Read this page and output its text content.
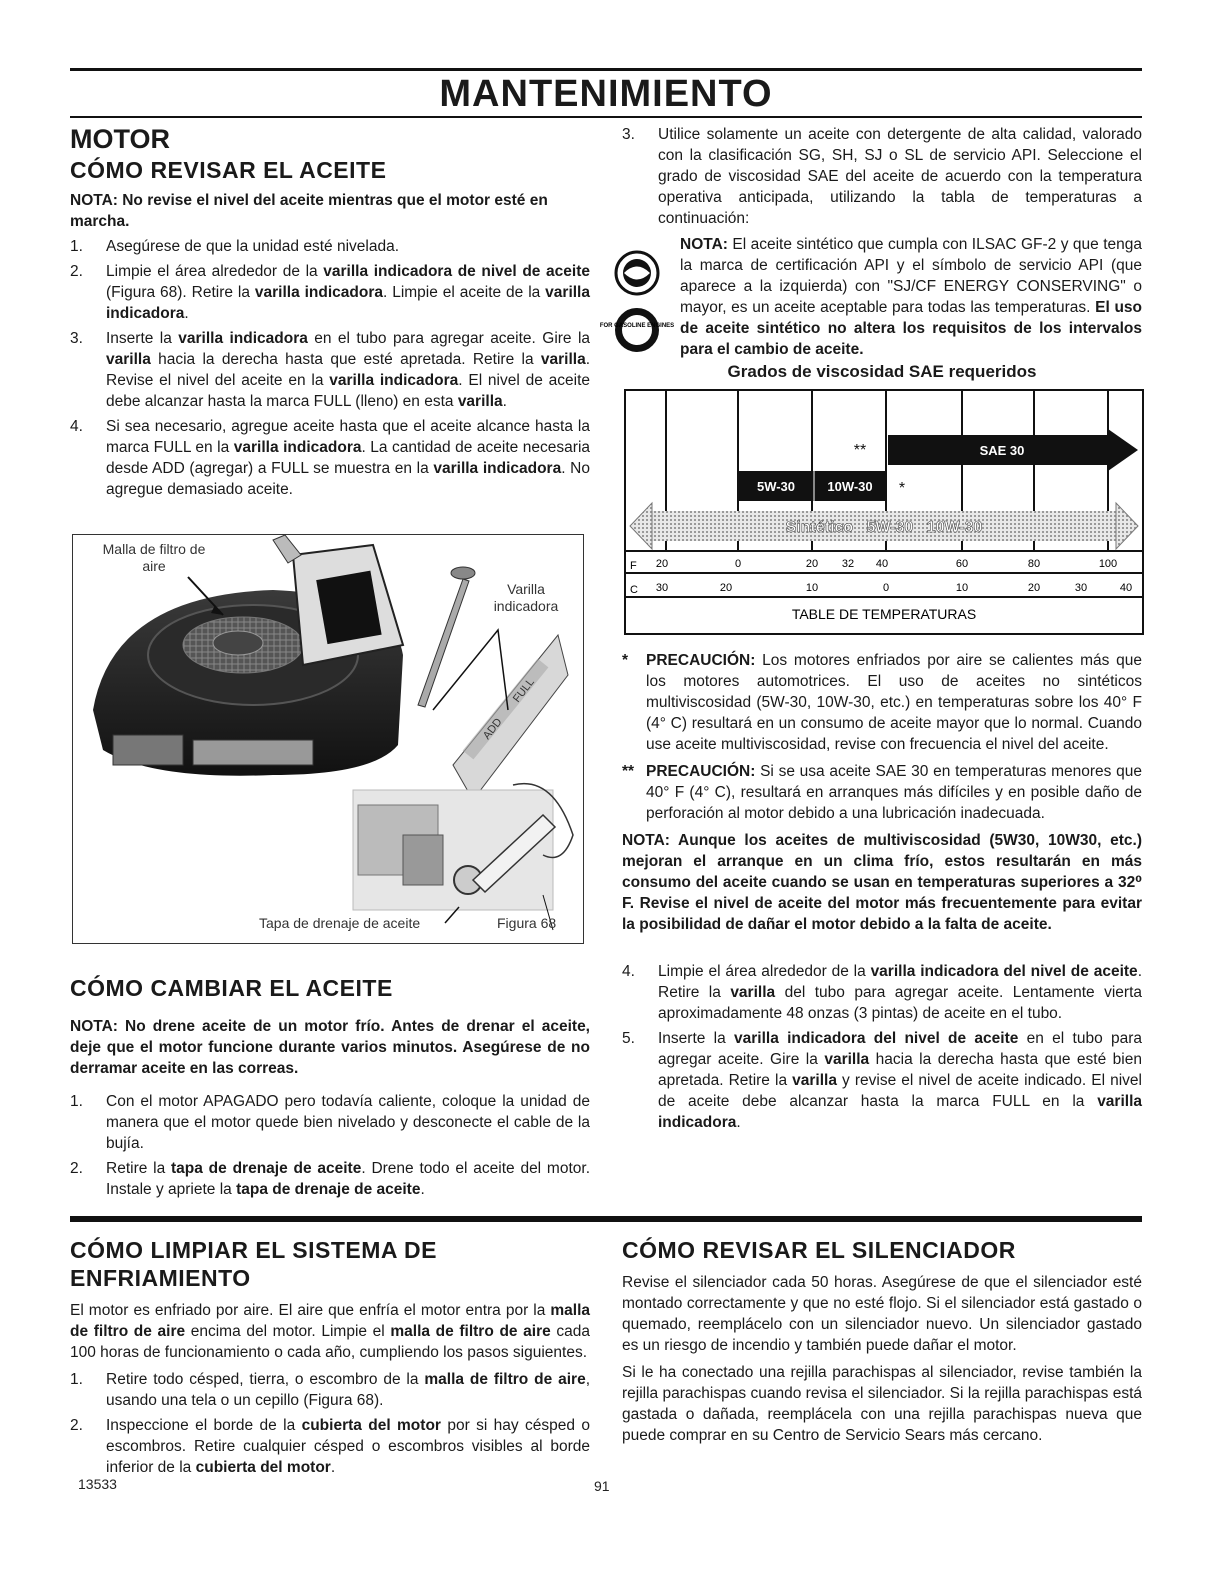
MANTENIMIENTO
MOTOR
CÓMO REVISAR EL ACEITE
NOTA: No revise el nivel del aceite mientras que el motor esté en marcha.
1. Asegúrese de que la unidad esté nivelada.
2. Limpie el área alrededor de la varilla indicadora de nivel de aceite (Figura 68). Retire la varilla indicadora. Limpie el aceite de la varilla indicadora.
3. Inserte la varilla indicadora en el tubo para agregar aceite. Gire la varilla hacia la derecha hasta que esté apretada. Retire la varilla. Revise el nivel del aceite en la varilla indicadora. El nivel de aceite debe alcanzar hasta la marca FULL (lleno) en esta varilla.
4. Si sea necesario, agregue aceite hasta que el aceite alcance hasta la marca FULL en la varilla indicadora. La cantidad de aceite necesaria desde ADD (agregar) a FULL se muestra en la varilla indicadora. No agregue demasiado aceite.
ADD
FULL
Malla de filtro de aire
Varilla indicadora
Tapa de drenaje de aceite	Figura 68
CÓMO CAMBIAR EL ACEITE
NOTA: No drene aceite de un motor frío. Antes de drenar el aceite, deje que el motor funcione durante varios minutos. Asegúrese de no derramar aceite en las correas.
1. Con el motor APAGADO pero todavía caliente, coloque la unidad de manera que el motor quede bien nivelado y desconecte el cable de la bujía.
2. Retire la tapa de drenaje de aceite. Drene todo el aceite del motor. Instale y apriete la tapa de drenaje de aceite.
3. Utilice solamente un aceite con detergente de alta calidad, valorado con la clasificación SG, SH, SJ o SL de servicio API. Seleccione el grado de viscosidad SAE del aceite de acuerdo con la temperatura operativa anticipada, utilizando la tabla de temperaturas a continuación:
FOR GASOLINE ENGINES
NOTA: El aceite sintético que cumpla con ILSAC GF-2 y que tenga la marca de certificación API y el símbolo de servicio API (que aparece a la izquierda) con "SJ/CF ENERGY CONSERVING" o mayor, es un aceite aceptable para todas las temperaturas. El uso de aceite sintético no altera los requisitos de los intervalos para el cambio de aceite.
Grados de viscosidad SAE requeridos
SAE 30
**
5W-30 10W-30 *
Sintético   5W-30   10W-30
F
C
20	0	20 32 40	60	80	100
30	20	10	0	10	20	30	40
TABLE DE TEMPERATURAS
* PRECAUCIÓN: Los motores enfriados por aire se calientes más que los motores automotrices. El uso de aceites no sintéticos multiviscosidad (5W-30, 10W-30, etc.) en temperaturas sobre los 40° F (4° C) resultará en un consumo de aceite mayor que lo normal. Cuando use aceite multiviscosidad, revise con frecuencia el nivel del aceite.
** PRECAUCIÓN: Si se usa aceite SAE 30 en temperaturas menores que 40° F (4° C), resultará en arranques más difíciles y en posible daño de perforación al motor debido a una lubricación inadecuada.
NOTA: Aunque los aceites de multiviscosidad (5W30, 10W30, etc.) mejoran el arranque en un clima frío, estos resultarán en más consumo del aceite cuando se usan en temperaturas superiores a 32⁰ F. Revise el nivel de aceite del motor más frecuentemente para evitar la posibilidad de dañar el motor debido a la falta de aceite.
4. Limpie el área alrededor de la varilla indicadora del nivel de aceite. Retire la varilla del tubo para agregar aceite. Lentamente vierta aproximadamente 48 onzas (3 pintas) de aceite en el tubo.
5. Inserte la varilla indicadora del nivel de aceite en el tubo para agregar aceite. Gire la varilla hacia la derecha hasta que esté bien apretada. Retire la varilla y revise el nivel de aceite indicado. El nivel de aceite debe alcanzar hasta la marca FULL en la varilla indicadora.
CÓMO LIMPIAR EL SISTEMA DE ENFRIAMIENTO

El motor es enfriado por aire. El aire que enfría el motor entra por la malla de filtro de aire encima del motor. Limpie el malla de filtro de aire cada 100 horas de funcionamiento o cada año, cumpliendo los pasos siguientes.

1. Retire todo césped, tierra, o escombro de la malla de filtro de aire, usando una tela o un cepillo (Figura 68).
2. Inspeccione el borde de la cubierta del motor por si hay césped o escombros. Retire cualquier césped o escombros visibles al borde inferior de la cubierta del motor.
CÓMO REVISAR EL SILENCIADOR

Revise el silenciador cada 50 horas. Asegúrese de que el silenciador esté montado correctamente y que no esté flojo. Si el silenciador está gastado o quemado, reemplácelo con un silenciador nuevo. Un silenciador gastado es un riesgo de incendio y también puede dañar el motor.

Si le ha conectado una rejilla parachispas al silenciador, revise también la rejilla parachispas cuando revisa el silenciador. Si la rejilla parachispas está gastada o dañada, reemplácela con una rejilla parachispas nueva que puede comprar en su Centro de Servicio Sears más cercano.

13533	91
